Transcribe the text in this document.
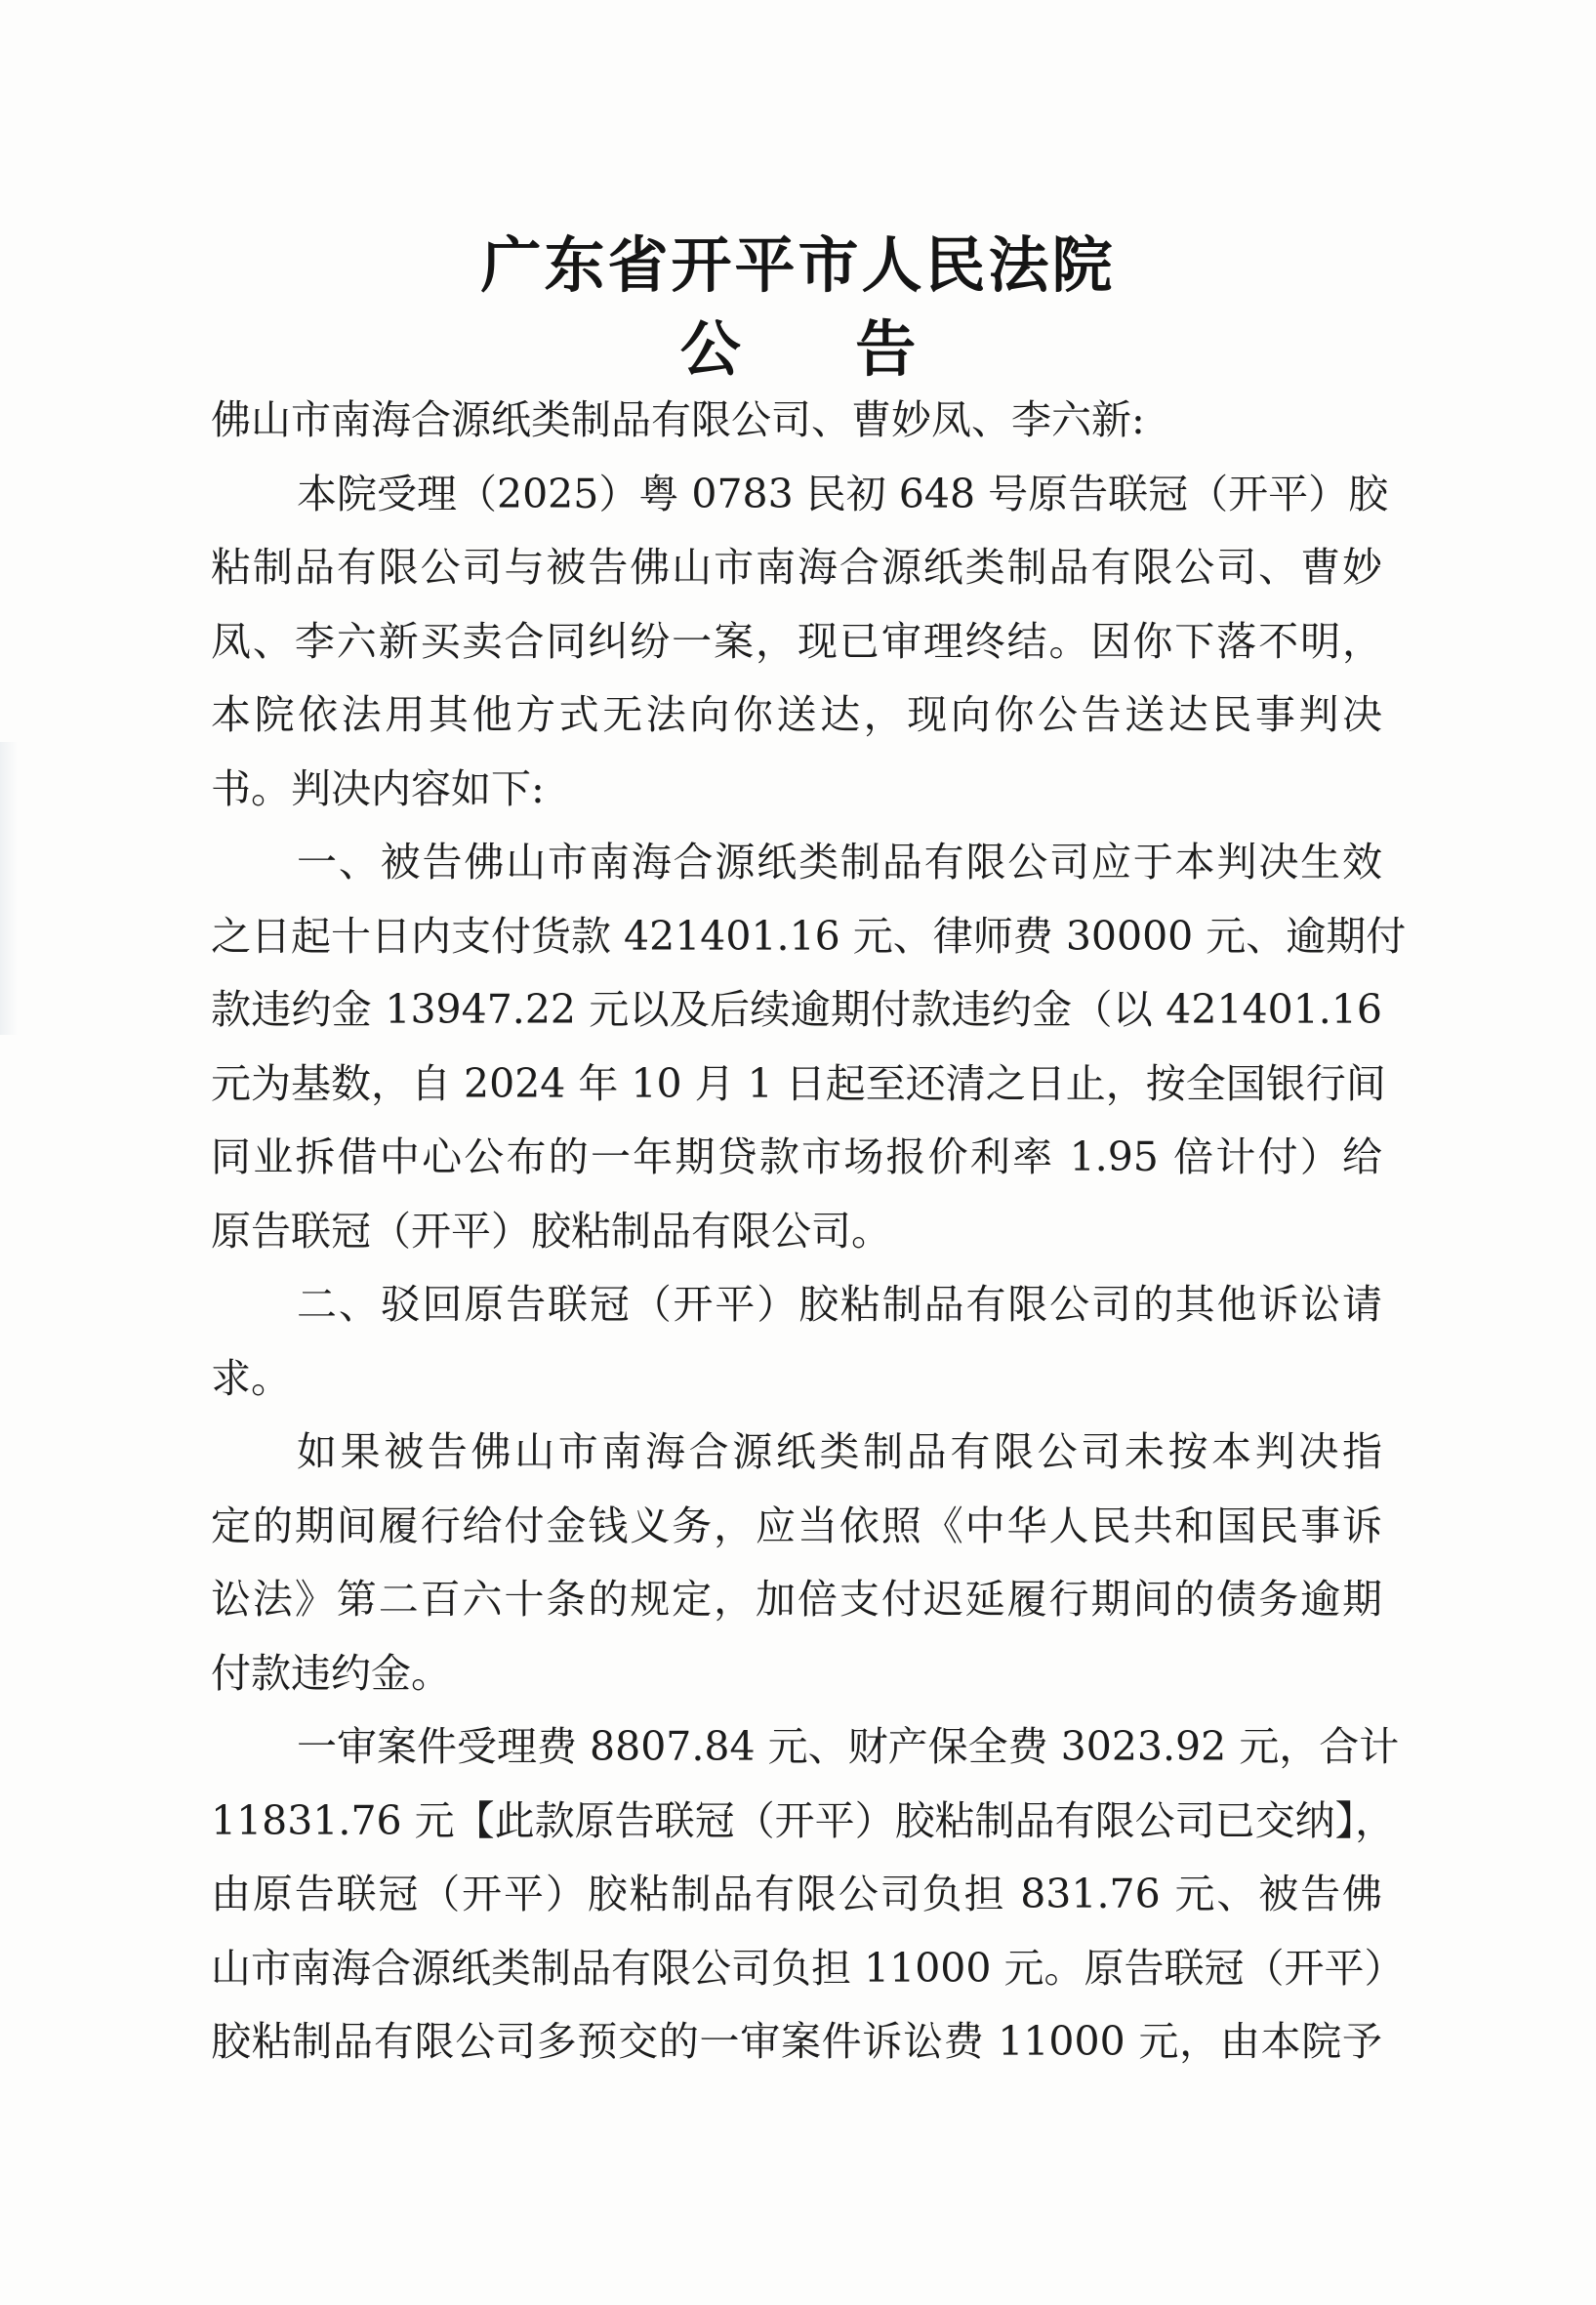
广东省开平市人民法院
公 告
佛山市南海合源纸类制品有限公司、曹妙凤、李六新:
本院受理（2025）粤 0783 民初 648 号原告联冠（开平）胶
粘制品有限公司与被告佛山市南海合源纸类制品有限公司、曹妙
凤、李六新买卖合同纠纷一案，现已审理终结。因你下落不明，
本院依法用其他方式无法向你送达，现向你公告送达民事判决
书。判决内容如下:
一、被告佛山市南海合源纸类制品有限公司应于本判决生效
之日起十日内支付货款 421401.16 元、律师费 30000 元、逾期付
款违约金 13947.22 元以及后续逾期付款违约金（以 421401.16
元为基数，自 2024 年 10 月 1 日起至还清之日止，按全国银行间
同业拆借中心公布的一年期贷款市场报价利率 1.95 倍计付）给
原告联冠（开平）胶粘制品有限公司。
二、驳回原告联冠（开平）胶粘制品有限公司的其他诉讼请
求。
如果被告佛山市南海合源纸类制品有限公司未按本判决指
定的期间履行给付金钱义务，应当依照《中华人民共和国民事诉
讼法》第二百六十条的规定，加倍支付迟延履行期间的债务逾期
付款违约金。
一审案件受理费 8807.84 元、财产保全费 3023.92 元，合计
11831.76 元【此款原告联冠（开平）胶粘制品有限公司已交纳】，
由原告联冠（开平）胶粘制品有限公司负担 831.76 元、被告佛
山市南海合源纸类制品有限公司负担 11000 元。原告联冠（开平）
胶粘制品有限公司多预交的一审案件诉讼费 11000 元，由本院予
